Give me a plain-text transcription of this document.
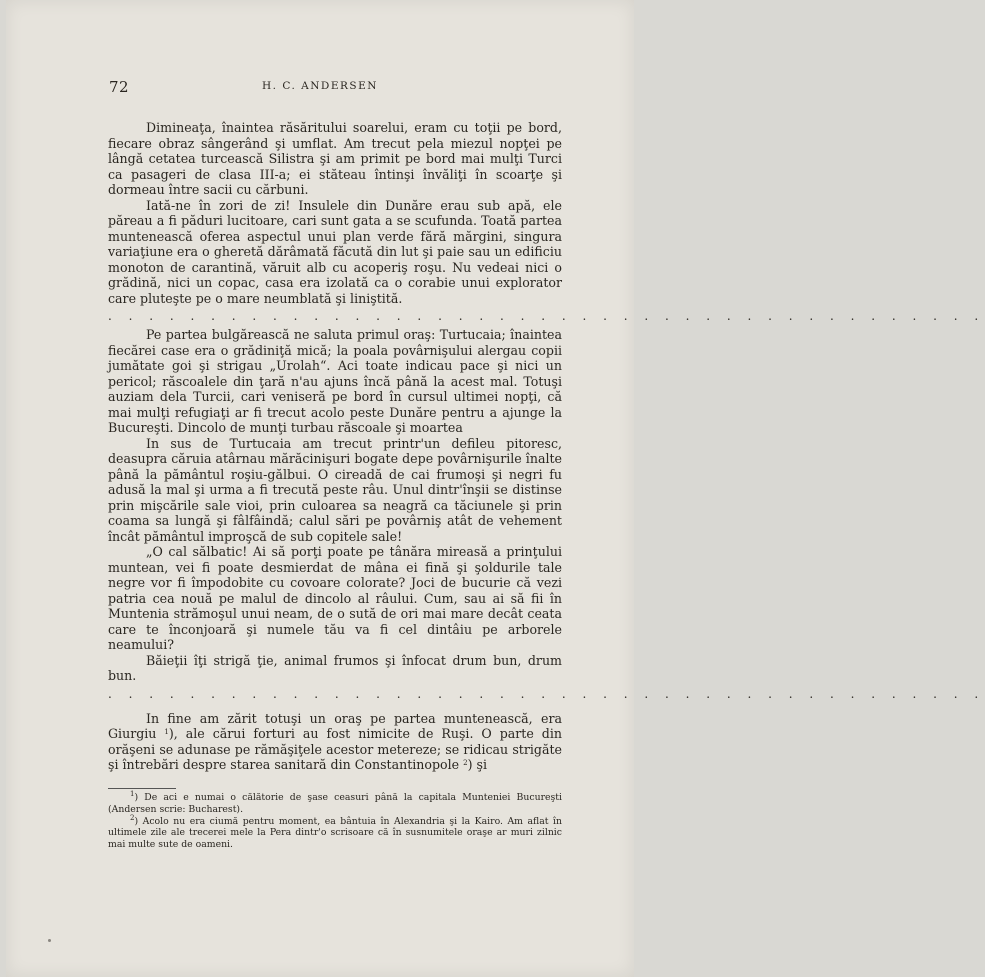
72	H. C. ANDERSEN

Dimineaţa, înaintea răsăritului soarelui, eram cu toţii pe bord, fiecare obraz sângerând şi umflat. Am trecut pela miezul nopţei pe lângă cetatea turcească Silistra şi am primit pe bord mai mulţi Turci ca pasageri de clasa III-a; ei stăteau întinşi învăliţi în scoarţe şi dormeau între sacii cu cărbuni.

Iată-ne în zori de zi! Insulele din Dunăre erau sub apă, ele păreau a fi păduri lucitoare, cari sunt gata a se scufunda. Toată partea muntenească oferea aspectul unui plan verde fără mărgini, singura variaţiune era o gheretă dărâmată făcută din lut şi paie sau un edificiu monoton de carantină, văruit alb cu acoperiş roşu. Nu vedeai nici o grădină, nici un copac, casa era izolată ca o corabie unui explorator care pluteşte pe o mare neumblată şi liniştită.

. . . . . . . . . . . . . . . . . . . . . . . . . . . . . . . . . . . . . . . . . . .

Pe partea bulgărească ne saluta primul oraş: Turtucaia; înaintea fiecărei case era o grădiniţă mică; la poala povârnişului alergau copii jumătate goi şi strigau „Urolah“. Aci toate indicau pace şi nici un pericol; răscoalele din ţară n'au ajuns încă până la acest mal. Totuşi auziam dela Turcii, cari veniseră pe bord în cursul ultimei nopţi, că mai mulţi refugiaţi ar fi trecut acolo peste Dunăre pentru a ajunge la Bucureşti. Dincolo de munţi turbau răscoale şi moartea

In sus de Turtucaia am trecut printr'un defileu pitoresc, deasupra căruia atârnau mărăcinişuri bogate depe povârnişurile înalte până la pământul roşiu-gălbui. O cireadă de cai frumoşi şi negri fu adusă la mal şi urma a fi trecută peste râu. Unul dintr'înşii se distinse prin mişcările sale vioi, prin culoarea sa neagră ca tăciunele şi prin coama sa lungă şi fâlfâindă; calul sări pe povârniş atât de vehement încât pământul improşcă de sub copitele sale!

„O cal sălbatic! Ai să porţi poate pe tânăra mireasă a prinţului muntean, vei fi poate desmierdat de mâna ei fină şi şoldurile tale negre vor fi împodobite cu covoare colorate? Joci de bucurie că vezi patria cea nouă pe malul de dincolo al râului. Cum, sau ai să fii în Muntenia strămoşul unui neam, de o sută de ori mai mare decât ceata care te înconjoară şi numele tău va fi cel dintâiu pe arborele neamului?

Băieţii îţi strigă ţie, animal frumos şi înfocat drum bun, drum bun.

. . . . . . . . . . . . . . . . . . . . . . . . . . . . . . . . . . . . . . . . . . .

In fine am zărit totuşi un oraş pe partea muntenească, era Giurgiu $^1$), ale cărui forturi au fost nimicite de Ruşi. O parte din orăşeni se adunase pe rămăşiţele acestor metereze; se ridicau strigăte şi întrebări despre starea sanitară din Constantinopole $^2$) şi

$^1$) De aci e numai o călătorie de şase ceasuri până la capitala Munteniei Bucureşti (Andersen scrie: Bucharest).

$^2$) Acolo nu era ciumă pentru moment, ea bântuia în Alexandria şi la Kairo. Am aflat în ultimele zile ale trecerei mele la Pera dintr'o scrisoare că în susnumitele oraşe ar muri zilnic mai multe sute de oameni.
